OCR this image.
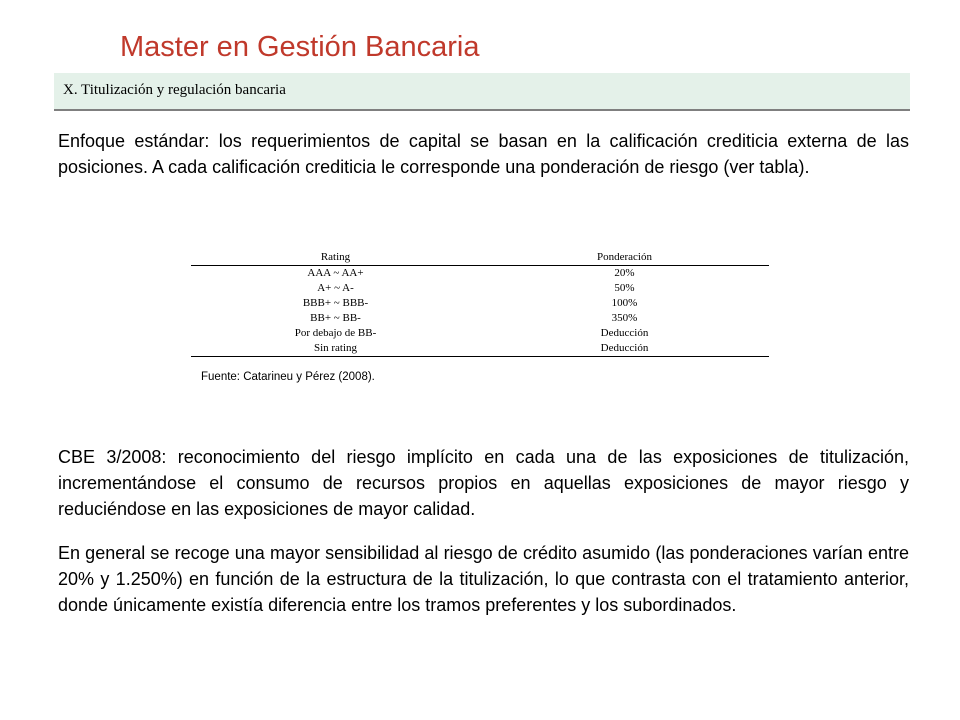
Master en Gestión Bancaria
X. Titulización y regulación bancaria

Enfoque estándar: los requerimientos de capital se basan en la calificación crediticia externa de las posiciones. A cada calificación crediticia le corresponde una ponderación de riesgo (ver tabla).

Rating	Ponderación
AAA ~ AA+	20%
A+ ~ A-	50%
BBB+ ~ BBB-	100%
BB+ ~ BB-	350%
Por debajo de BB-	Deducción
Sin rating	Deducción
Fuente: Catarineu y Pérez (2008).

CBE 3/2008: reconocimiento del riesgo implícito en cada una de las exposiciones de titulización, incrementándose el consumo de recursos propios en aquellas exposiciones de mayor riesgo y reduciéndose en las exposiciones de mayor calidad.

En general se recoge una mayor sensibilidad al riesgo de crédito asumido (las ponderaciones varían entre 20% y 1.250%) en función de la estructura de la titulización, lo que contrasta con el tratamiento anterior, donde únicamente existía diferencia entre los tramos preferentes y los subordinados.
